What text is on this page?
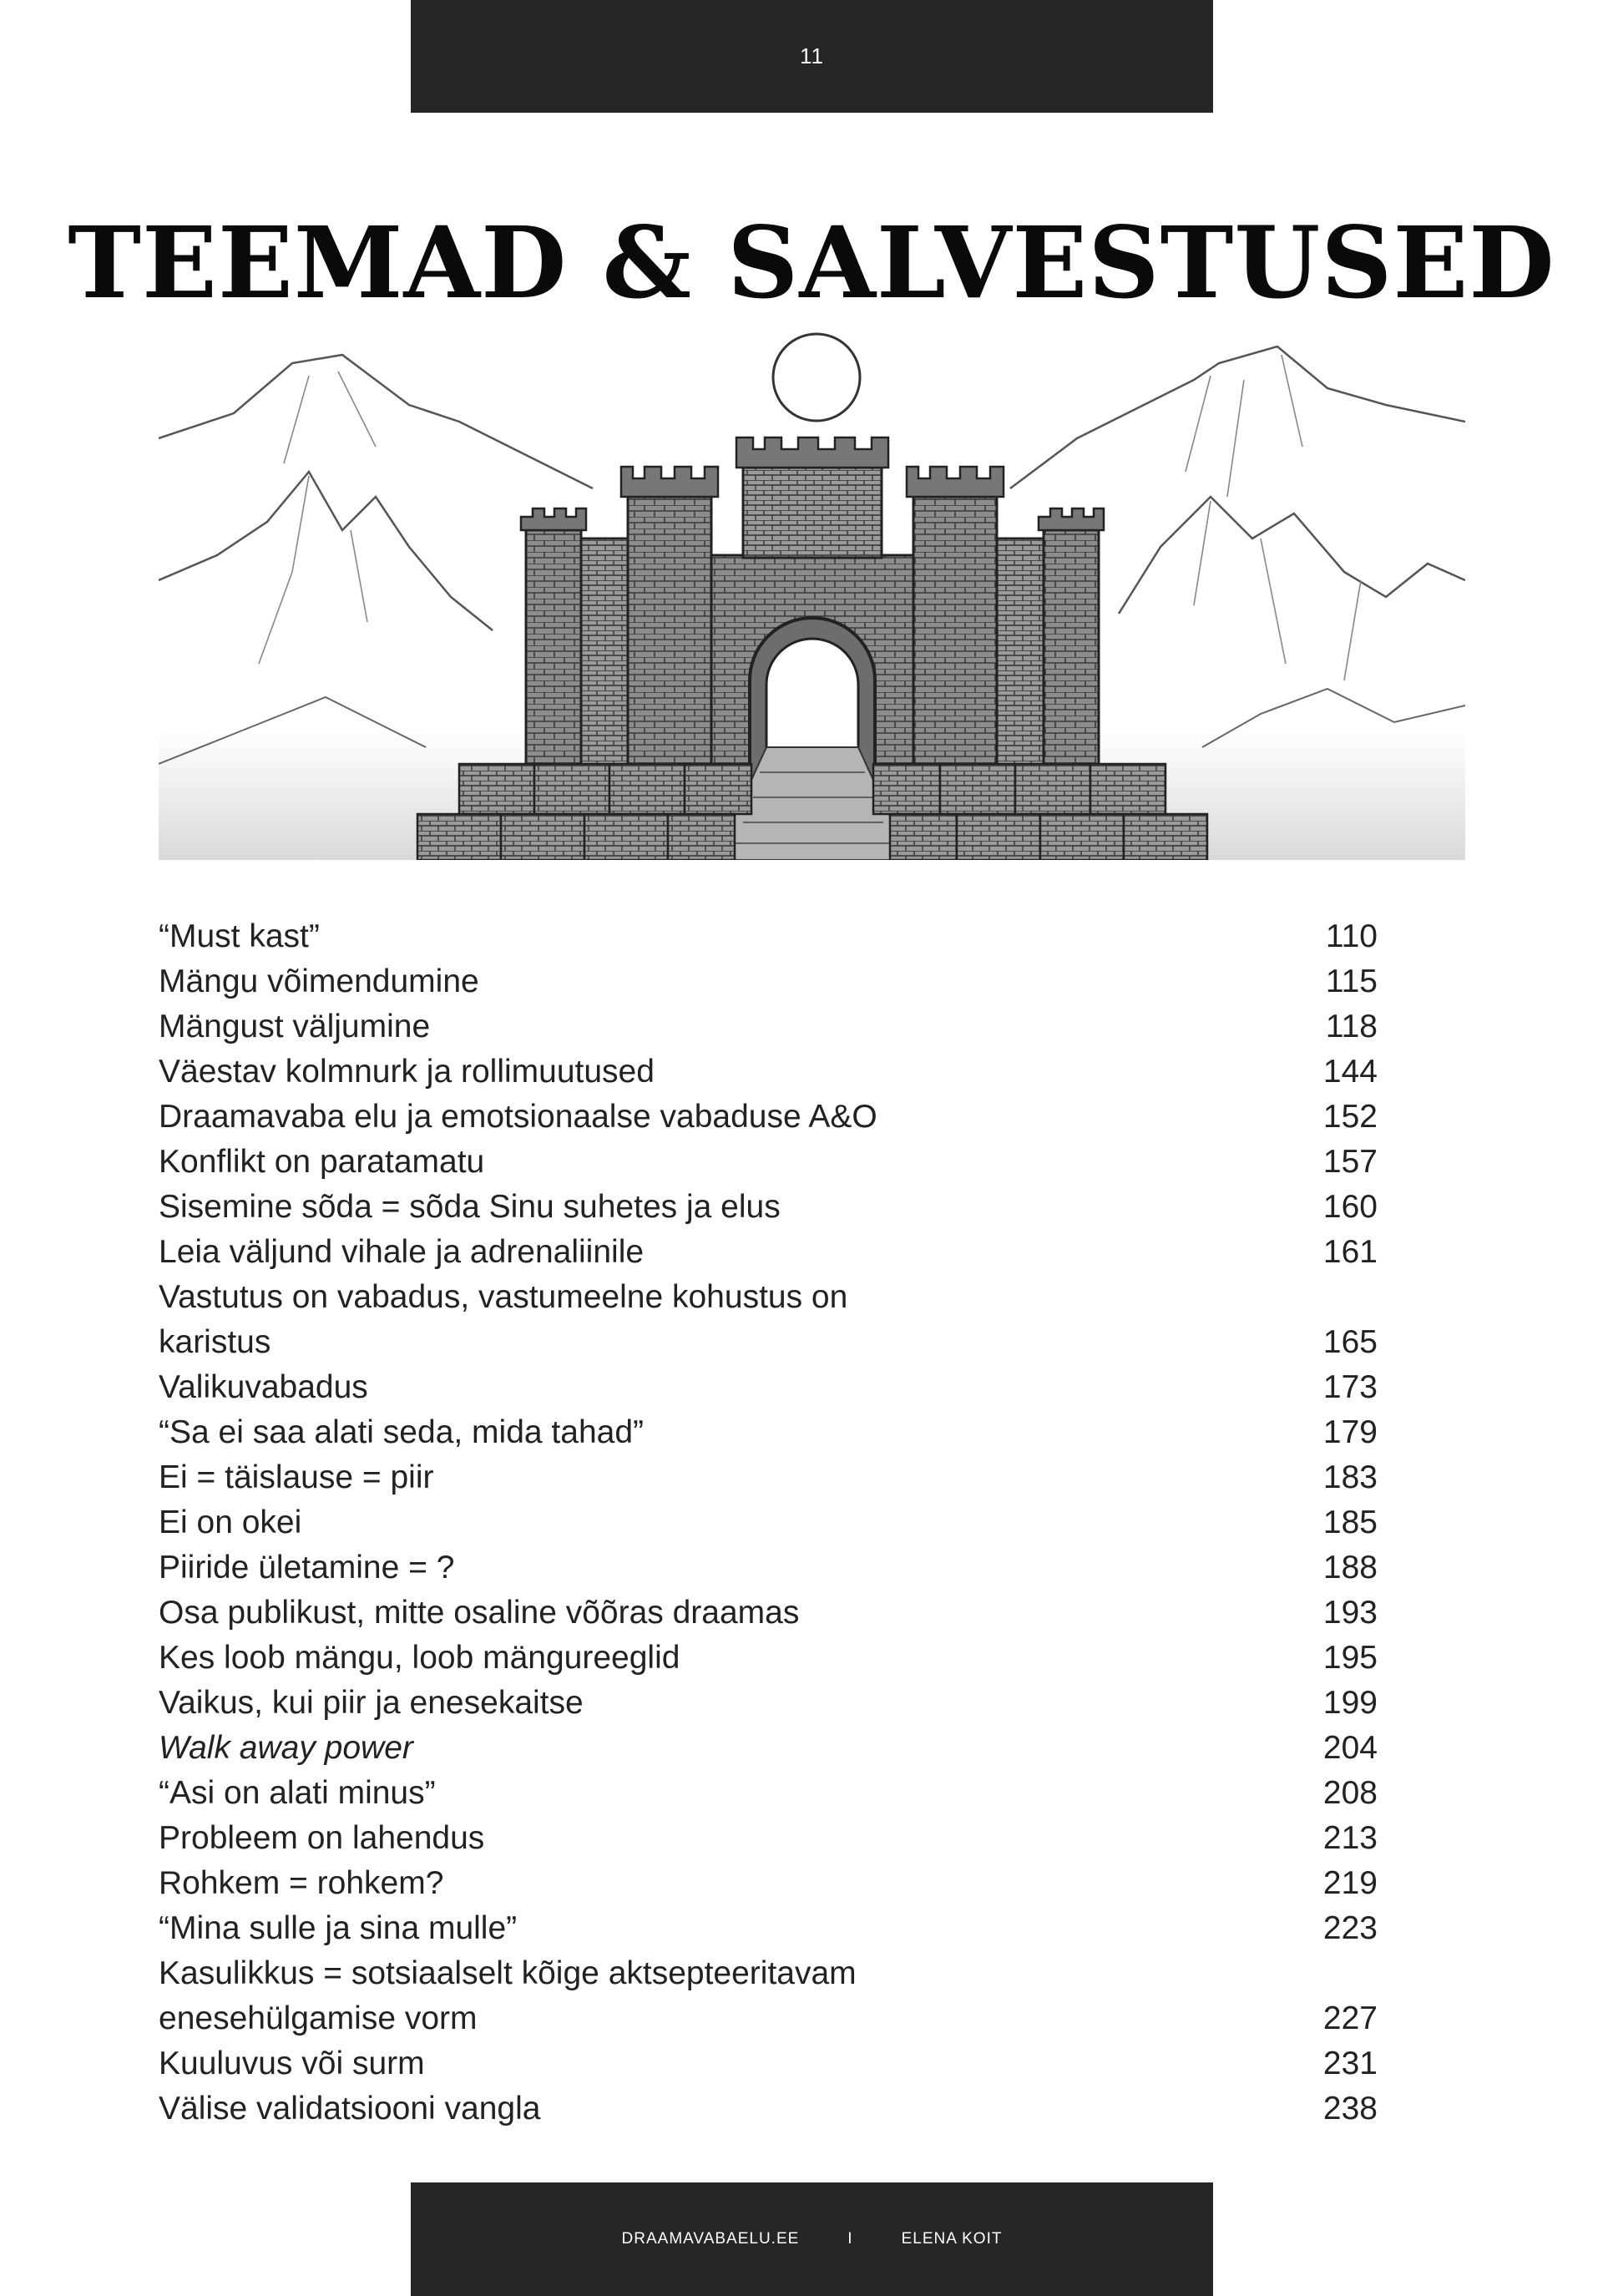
11
TEEMAD & SALVESTUSED
“Must kast”	110
Mängu võimendumine	115
Mängust väljumine	118
Väestav kolmnurk ja rollimuutused	144
Draamavaba elu ja emotsionaalse vabaduse A&O	152
Konflikt on paratamatu	157
Sisemine sõda = sõda Sinu suhetes ja elus	160
Leia väljund vihale ja adrenaliinile	161
Vastutus on vabadus, vastumeelne kohustus on
karistus	165
Valikuvabadus	173
“Sa ei saa alati seda, mida tahad”	179
Ei = täislause = piir	183
Ei on okei	185
Piiride ületamine = ?	188
Osa publikust, mitte osaline võõras draamas	193
Kes loob mängu, loob mängureeglid	195
Vaikus, kui piir ja enesekaitse	199
Walk away power	204
“Asi on alati minus”	208
Probleem on lahendus	213
Rohkem = rohkem?	219
“Mina sulle ja sina mulle”	223
Kasulikkus = sotsiaalselt kõige aktsepteeritavam
enesehülgamise vorm	227
Kuuluvus või surm	231
Välise validatsiooni vangla	238
DRAAMAVABAELU.EE	I	ELENA KOIT
